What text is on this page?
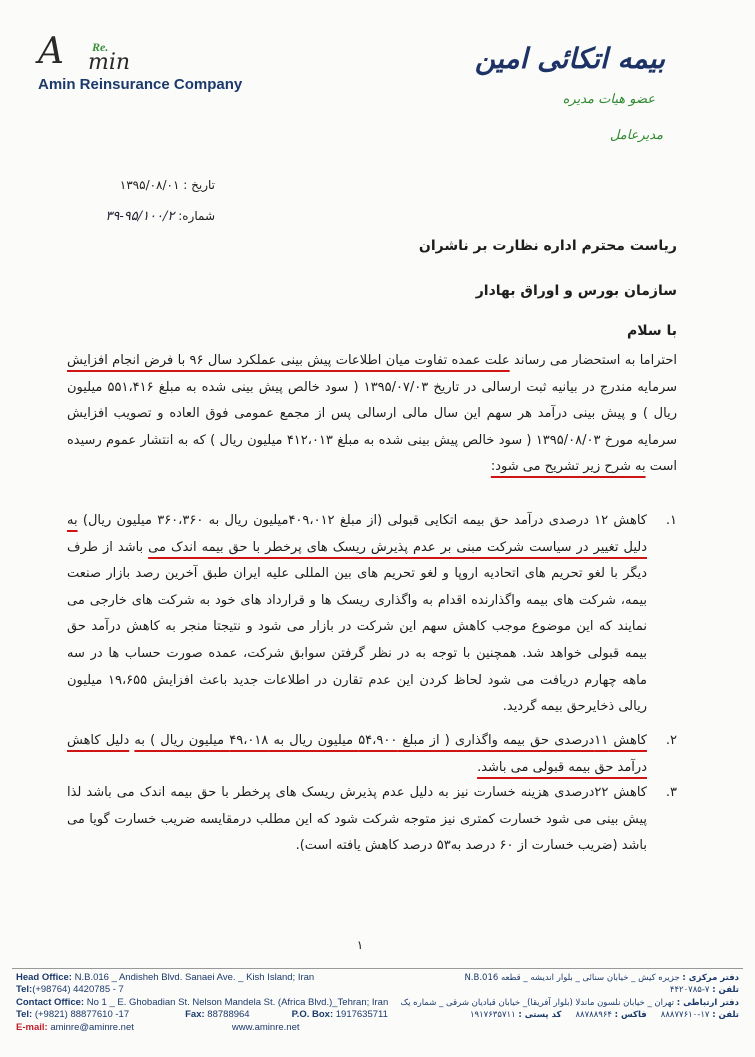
A Re.
min
Amin Reinsurance Company
بیمه اتکائی امین
عضو هیات مدیره
مدیرعامل
تاریخ : ۱۳۹۵/۰۸/۰۱
شماره: ۹۵/۱۰۰/۲-۳۹
ریاست محترم اداره نظارت بر ناشران
سازمان بورس و اوراق بهادار
با سلام
احتراما به استحضار می رساند علت عمده تفاوت میان اطلاعات پیش بینی عملکرد سال ۹۶ با فرض انجام افزایش سرمایه مندرج در بیانیه ثبت ارسالی در تاریخ ۱۳۹۵/۰۷/۰۳ ( سود خالص پیش بینی شده به مبلغ ۵۵۱،۴۱۶ میلیون ریال ) و پیش بینی درآمد هر سهم این سال مالی ارسالی پس از مجمع عمومی فوق العاده و تصویب افزایش سرمایه مورخ ۱۳۹۵/۰۸/۰۳ ( سود خالص پیش بینی شده به مبلغ ۴۱۲،۰۱۳ میلیون ریال ) که به انتشار عموم رسیده است به شرح زیر تشریح می شود:
۱.
کاهش ۱۲ درصدی درآمد حق بیمه اتکایی قبولی (از مبلغ ۴۰۹،۰۱۲میلیون ریال به ۳۶۰،۳۶۰ میلیون ریال) به دلیل تغییر در سیاست شرکت مبنی بر عدم پذیرش ریسک های پرخطر با حق بیمه اندک می باشد از طرف دیگر با لغو تحریم های اتحادیه اروپا و لغو تحریم های بین المللی علیه ایران طبق آخرین رصد بازار صنعت بیمه، شرکت های بیمه واگذارنده اقدام به واگذاری ریسک ها و قرارداد های خود به شرکت های خارجی می نمایند که این موضوع موجب کاهش سهم این شرکت در بازار می شود و نتیجتا منجر به کاهش درآمد حق بیمه قبولی خواهد شد. همچنین با توجه به در نظر گرفتن سوابق شرکت، عمده صورت حساب ها در سه ماهه چهارم دریافت می شود لحاظ کردن این عدم تقارن در اطلاعات جدید باعث افزایش ۱۹،۶۵۵ میلیون ریالی ذخایرحق بیمه گردید.
۲.
کاهش ۱۱درصدی حق بیمه واگذاری ( از مبلغ ۵۴،۹۰۰ میلیون ریال به ۴۹،۰۱۸ میلیون ریال ) به دلیل کاهش درآمد حق بیمه قبولی می باشد.
۳.
کاهش ۲۲درصدی هزینه خسارت نیز به دلیل عدم پذیرش ریسک های پرخطر با حق بیمه اندک می باشد لذا پیش بینی می شود خسارت کمتری نیز متوجه شرکت شود که این مطلب درمقایسه ضریب خسارت گویا می باشد (ضریب خسارت از ۶۰ درصد به۵۳ درصد کاهش یافته است).
۱
Head Office: N.B.016 _ Andisheh Blvd. Sanaei Ave. _ Kish Island; Iran
Tel:(+98764) 4420785 - 7
Contact Office: No 1 _ E. Ghobadian St. Nelson Mandela St. (Africa Blvd.)_Tehran; Iran
Tel: (+9821) 88877610 -17	Fax: 88788964	P.O. Box: 1917635711
E-mail: aminre@aminre.net	www.aminre.net
دفتر مرکزی : جزیره کیش _ خیابان سنائی _ بلوار اندیشه _ قطعه N.B.016
تلفن : ۷-۴۴۲۰۷۸۵
دفتر ارتباطی : تهران _ خیابان نلسون ماندلا (بلوار آفریقا)_ خیابان قبادیان شرقی _ شماره یک
تلفن : ۱۷-۸۸۸۷۷۶۱۰فاکس : ۸۸۷۸۸۹۶۴کد پستی : ۱۹۱۷۶۳۵۷۱۱
